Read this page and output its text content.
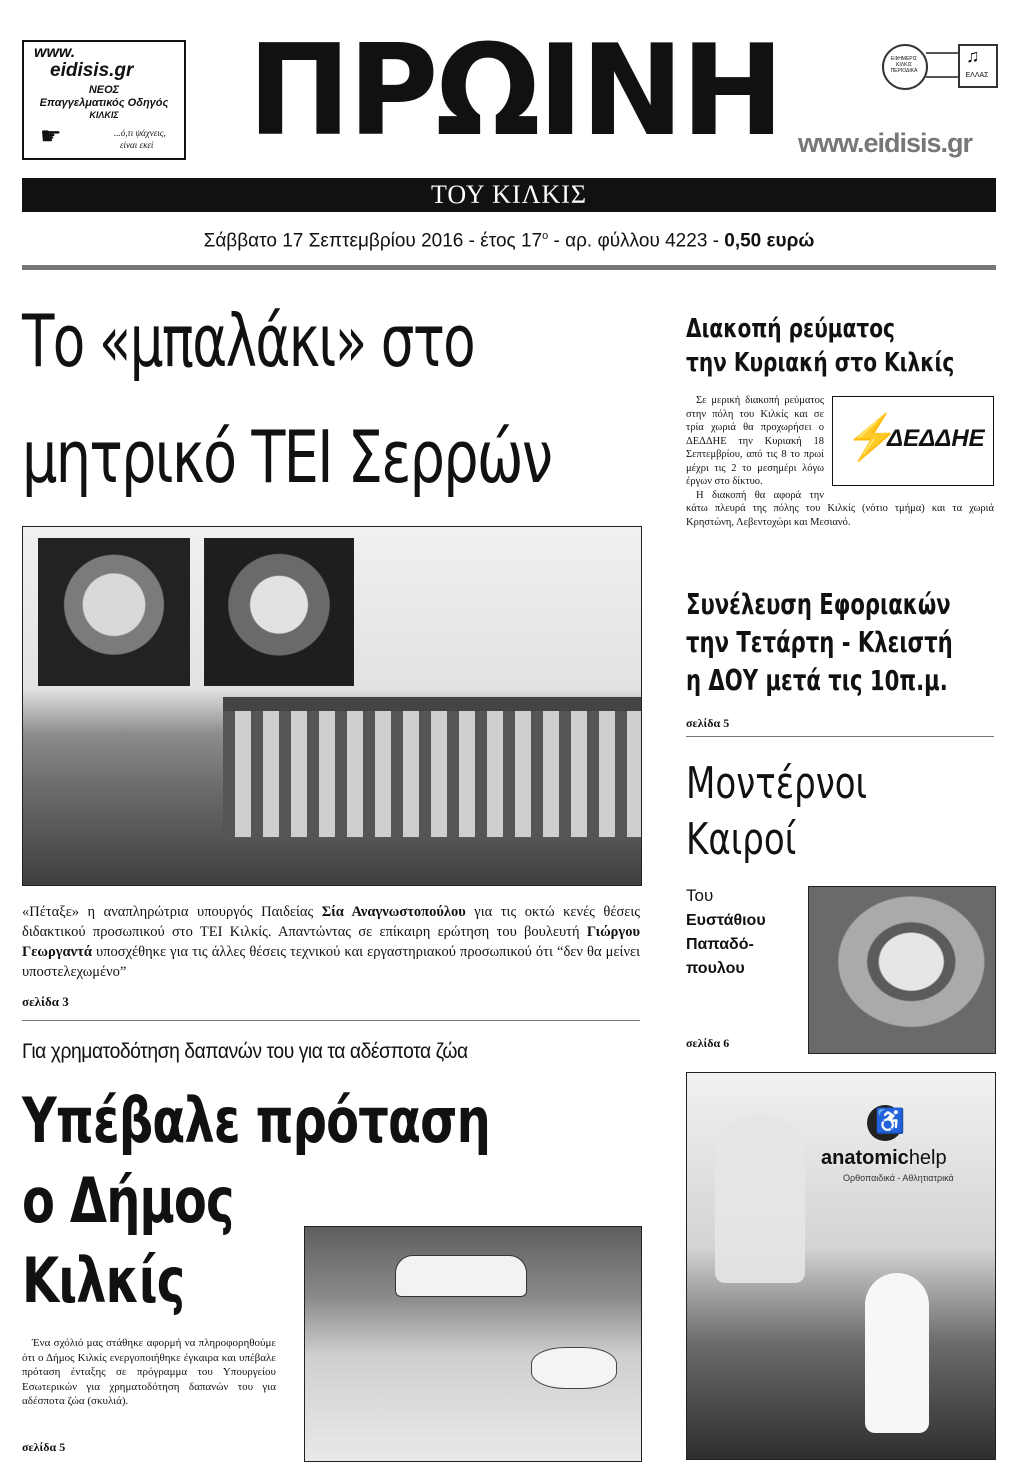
www.
eidisis.gr
ΝΕΟΣ
Επαγγελματικός Οδηγός
ΚΙΛΚΙΣ
☛	...ό,τι ψάχνεις,
είναι εκεί ΠΡΩΙΝΗ	ΕΦΗΜΕΡΙΣ ΚΙΛΚΙΣ ΠΕΡΙΟΔΙΚΑ
♫
ΕΛΛΑΣ
www.eidisis.gr
ΤΟΥ ΚΙΛΚΙΣ
Σάββατο 17 Σεπτεμβρίου 2016 - έτος $17^o$ - αρ. φύλλου 4223 - 0,50 ευρώ
Το «μπαλάκι» στο
μητρικό ΤΕΙ Σερρών

«Πέταξε» η αναπληρώτρια υπουργός Παιδείας Σία Αναγνωστοπούλου για τις οκτώ κενές θέσεις διδακτικού προσωπικού στο ΤΕΙ Κιλκίς. Απαντώντας σε επίκαιρη ερώτηση του βουλευτή Γιώργου Γεωργαντά υποσχέθηκε για τις άλλες θέσεις τεχνικού και εργαστηριακού προσωπικού ότι “δεν θα μείνει υποστελεχωμένο”

σελίδα 3
Διακοπή ρεύματος
την Κυριακή στο Κιλκίς
⚡
ΔΕΔΔΗΕ
Σε μερική διακοπή ρεύματος στην πόλη του Κιλκίς και σε τρία χωριά θα προχωρήσει ο ΔΕΔΔΗΕ την Κυριακή 18 Σεπτεμβρίου, από τις 8 το πρωί μέχρι τις 2 το μεσημέρι λόγω έργων στο δίκτυο.
Η διακοπή θα αφορά την κάτω πλευρά της πόλης του Κιλκίς (νότιο τμήμα) και τα χωριά Κρηστώνη, Λεβεντοχώρι και Μεσιανό.
Συνέλευση Εφοριακών
την Τετάρτη - Κλειστή
η ΔΟΥ μετά τις 10π.μ.
σελίδα 5
Μοντέρνοι
Καιροί
Του
Ευστάθιου
Παπαδό-
πουλου
σελίδα 6
Για χρηματοδότηση δαπανών του για τα αδέσποτα ζώα
Υπέβαλε πρόταση
ο Δήμος
Κιλκίς
Ένα σχόλιό μας στάθηκε αφορμή να πληροφορηθούμε ότι ο Δήμος Κιλκίς ενεργοποιήθηκε έγκαιρα και υπέβαλε πρόταση ένταξης σε πρόγραμμα του Υπουργείου Εσωτερικών για χρηματοδότηση δαπανών του για αδέσποτα ζώα (σκυλιά).
σελίδα 5
♿
anatomichelp
Ορθοπαιδικά - Αθλητιατρικά
